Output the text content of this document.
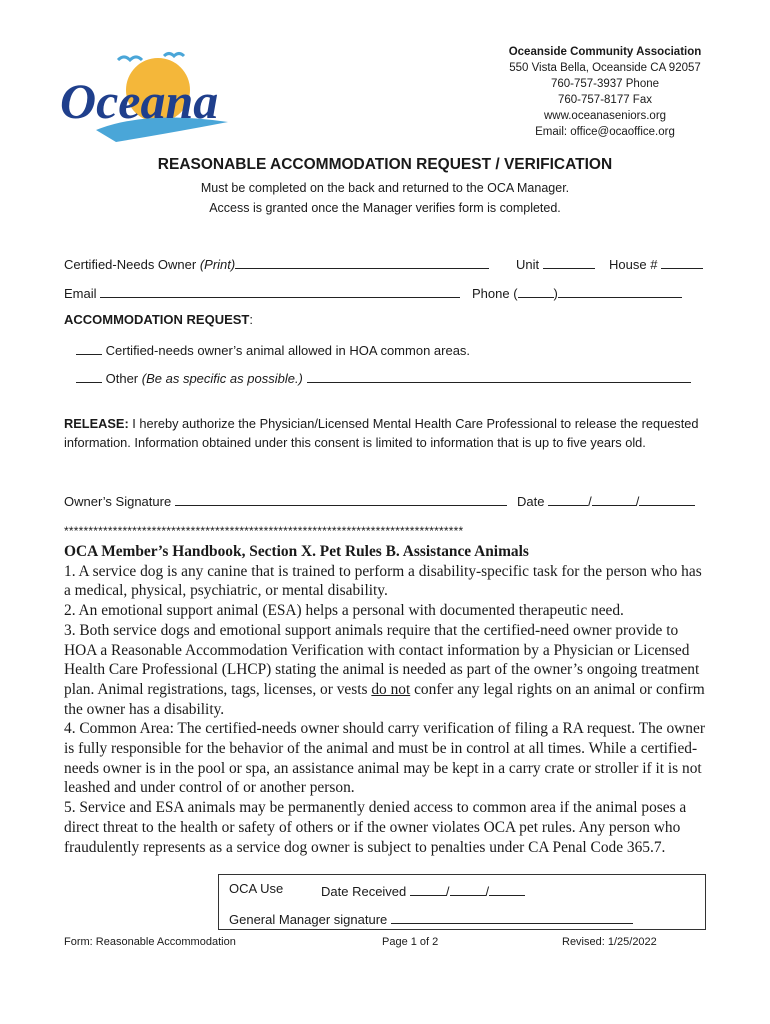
Oceana
Oceanside Community Association
550 Vista Bella, Oceanside CA 92057
760-757-3937 Phone
760-757-8177 Fax
www.oceanaseniors.org
Email: office@ocaoffice.org
REASONABLE ACCOMMODATION REQUEST / VERIFICATION
Must be completed on the back and returned to the OCA Manager.
Access is granted once the Manager verifies form is completed.
Certified-Needs Owner (Print)	Unit	House #
Email	Phone (	)
ACCOMMODATION REQUEST:
Certified-needs owner’s animal allowed in HOA common areas.
Other (Be as specific as possible.)
RELEASE: I hereby authorize the Physician/Licensed Mental Health Care Professional to release the requested information. Information obtained under this consent is limited to information that is up to five years old.
Owner’s Signature	Date	/	/
**********************************************************************************

OCA Member’s Handbook, Section X. Pet Rules B. Assistance Animals

1. A service dog is any canine that is trained to perform a disability-specific task for the person who has a medical, physical, psychiatric, or mental disability.

2. An emotional support animal (ESA) helps a personal with documented therapeutic need.

3. Both service dogs and emotional support animals require that the certified-need owner provide to HOA a Reasonable Accommodation Verification with contact information by a Physician or Licensed Health Care Professional (LHCP) stating the animal is needed as part of the owner’s ongoing treatment plan. Animal registrations, tags, licenses, or vests do not confer any legal rights on an animal or confirm the owner has a disability.

4. Common Area: The certified-needs owner should carry verification of filing a RA request. The owner is fully responsible for the behavior of the animal and must be in control at all times. While a certified-needs owner is in the pool or spa, an assistance animal may be kept in a carry crate or stroller if it is not leashed and under control of or another person.

5. Service and ESA animals may be permanently denied access to common area if the animal poses a direct threat to the health or safety of others or if the owner violates OCA pet rules. Any person who fraudulently represents as a service dog owner is subject to penalties under CA Penal Code 365.7.

OCA Use	Date Received	/	/
General Manager signature
Form: Reasonable Accommodation	Page 1 of 2	Revised: 1/25/2022
